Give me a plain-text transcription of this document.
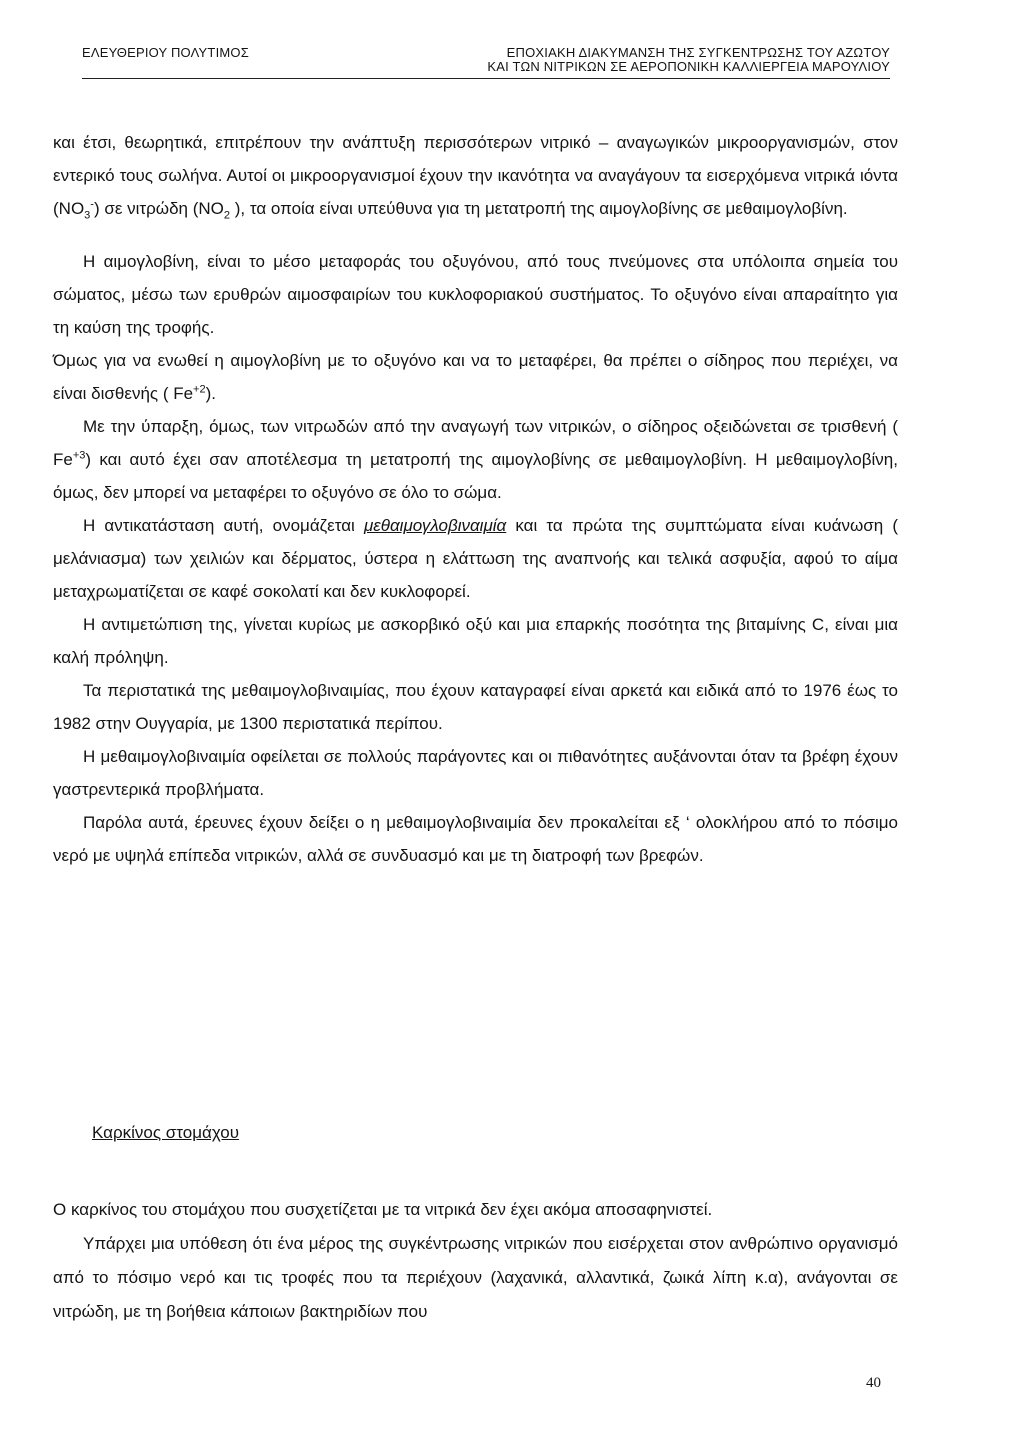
ΕΛΕΥΘΕΡΙΟΥ ΠΟΛΥΤΙΜΟΣ	ΕΠΟΧΙΑΚΗ ΔΙΑΚΥΜΑΝΣΗ ΤΗΣ ΣΥΓΚΕΝΤΡΩΣΗΣ ΤΟΥ ΑΖΩΤΟΥ
ΚΑΙ ΤΩΝ ΝΙΤΡΙΚΩΝ ΣΕ ΑΕΡΟΠΟΝΙΚΗ ΚΑΛΛΙΕΡΓΕΙΑ ΜΑΡΟΥΛΙΟΥ

και έτσι, θεωρητικά, επιτρέπουν την ανάπτυξη περισσότερων νιτρικό – αναγωγικών μικροοργανισμών, στον εντερικό τους σωλήνα. Αυτοί οι μικροοργανισμοί έχουν την ικανότητα να αναγάγουν τα εισερχόμενα νιτρικά ιόντα $(NO_3^-)$ σε νιτρώδη ($NO_2$ ), τα οποία είναι υπεύθυνα για τη μετατροπή της αιμογλοβίνης σε μεθαιμογλοβίνη.

Η αιμογλοβίνη, είναι το μέσο μεταφοράς του οξυγόνου, από τους πνεύμονες στα υπόλοιπα σημεία του σώματος, μέσω των ερυθρών αιμοσφαιρίων του κυκλοφοριακού συστήματος. Το οξυγόνο είναι απαραίτητο για τη καύση της τροφής.

Όμως για να ενωθεί η αιμογλοβίνη με το οξυγόνο και να το μεταφέρει, θα πρέπει ο σίδηρος που περιέχει, να είναι δισθενής ( $Fe^{+2}$).

Με την ύπαρξη, όμως, των νιτρωδών από την αναγωγή των νιτρικών, ο σίδηρος οξειδώνεται σε τρισθενή ( $Fe^{+3}$) και αυτό έχει σαν αποτέλεσμα τη μετατροπή της αιμογλοβίνης σε μεθαιμογλοβίνη. Η μεθαιμογλοβίνη, όμως, δεν μπορεί να μεταφέρει το οξυγόνο σε όλο το σώμα.

Η αντικατάσταση αυτή, ονομάζεται μεθαιμογλοβιναιμία και τα πρώτα της συμπτώματα είναι κυάνωση ( μελάνιασμα) των χειλιών και δέρματος, ύστερα η ελάττωση της αναπνοής και τελικά ασφυξία, αφού το αίμα μεταχρωματίζεται σε καφέ σοκολατί και δεν κυκλοφορεί.

Η αντιμετώπιση της, γίνεται κυρίως με ασκορβικό οξύ και μια επαρκής ποσότητα της βιταμίνης C, είναι μια καλή πρόληψη.

Τα περιστατικά της μεθαιμογλοβιναιμίας, που έχουν καταγραφεί είναι αρκετά και ειδικά από το 1976 έως το 1982 στην Ουγγαρία, με 1300 περιστατικά περίπου.

Η μεθαιμογλοβιναιμία οφείλεται σε πολλούς παράγοντες και οι πιθανότητες αυξάνονται όταν τα βρέφη έχουν γαστρεντερικά προβλήματα.

Παρόλα αυτά, έρευνες έχουν δείξει ο η μεθαιμογλοβιναιμία δεν προκαλείται εξ ‘ ολοκλήρου από το πόσιμο νερό με υψηλά επίπεδα νιτρικών, αλλά σε συνδυασμό και με τη διατροφή των βρεφών.

Καρκίνος στομάχου

Ο καρκίνος του στομάχου που συσχετίζεται με τα νιτρικά δεν έχει ακόμα αποσαφηνιστεί.

Υπάρχει μια υπόθεση ότι ένα μέρος της συγκέντρωσης νιτρικών που εισέρχεται στον ανθρώπινο οργανισμό από το πόσιμο νερό και τις τροφές που τα περιέχουν (λαχανικά, αλλαντικά, ζωικά λίπη κ.α), ανάγονται σε νιτρώδη, με τη βοήθεια κάποιων βακτηριδίων που

40
